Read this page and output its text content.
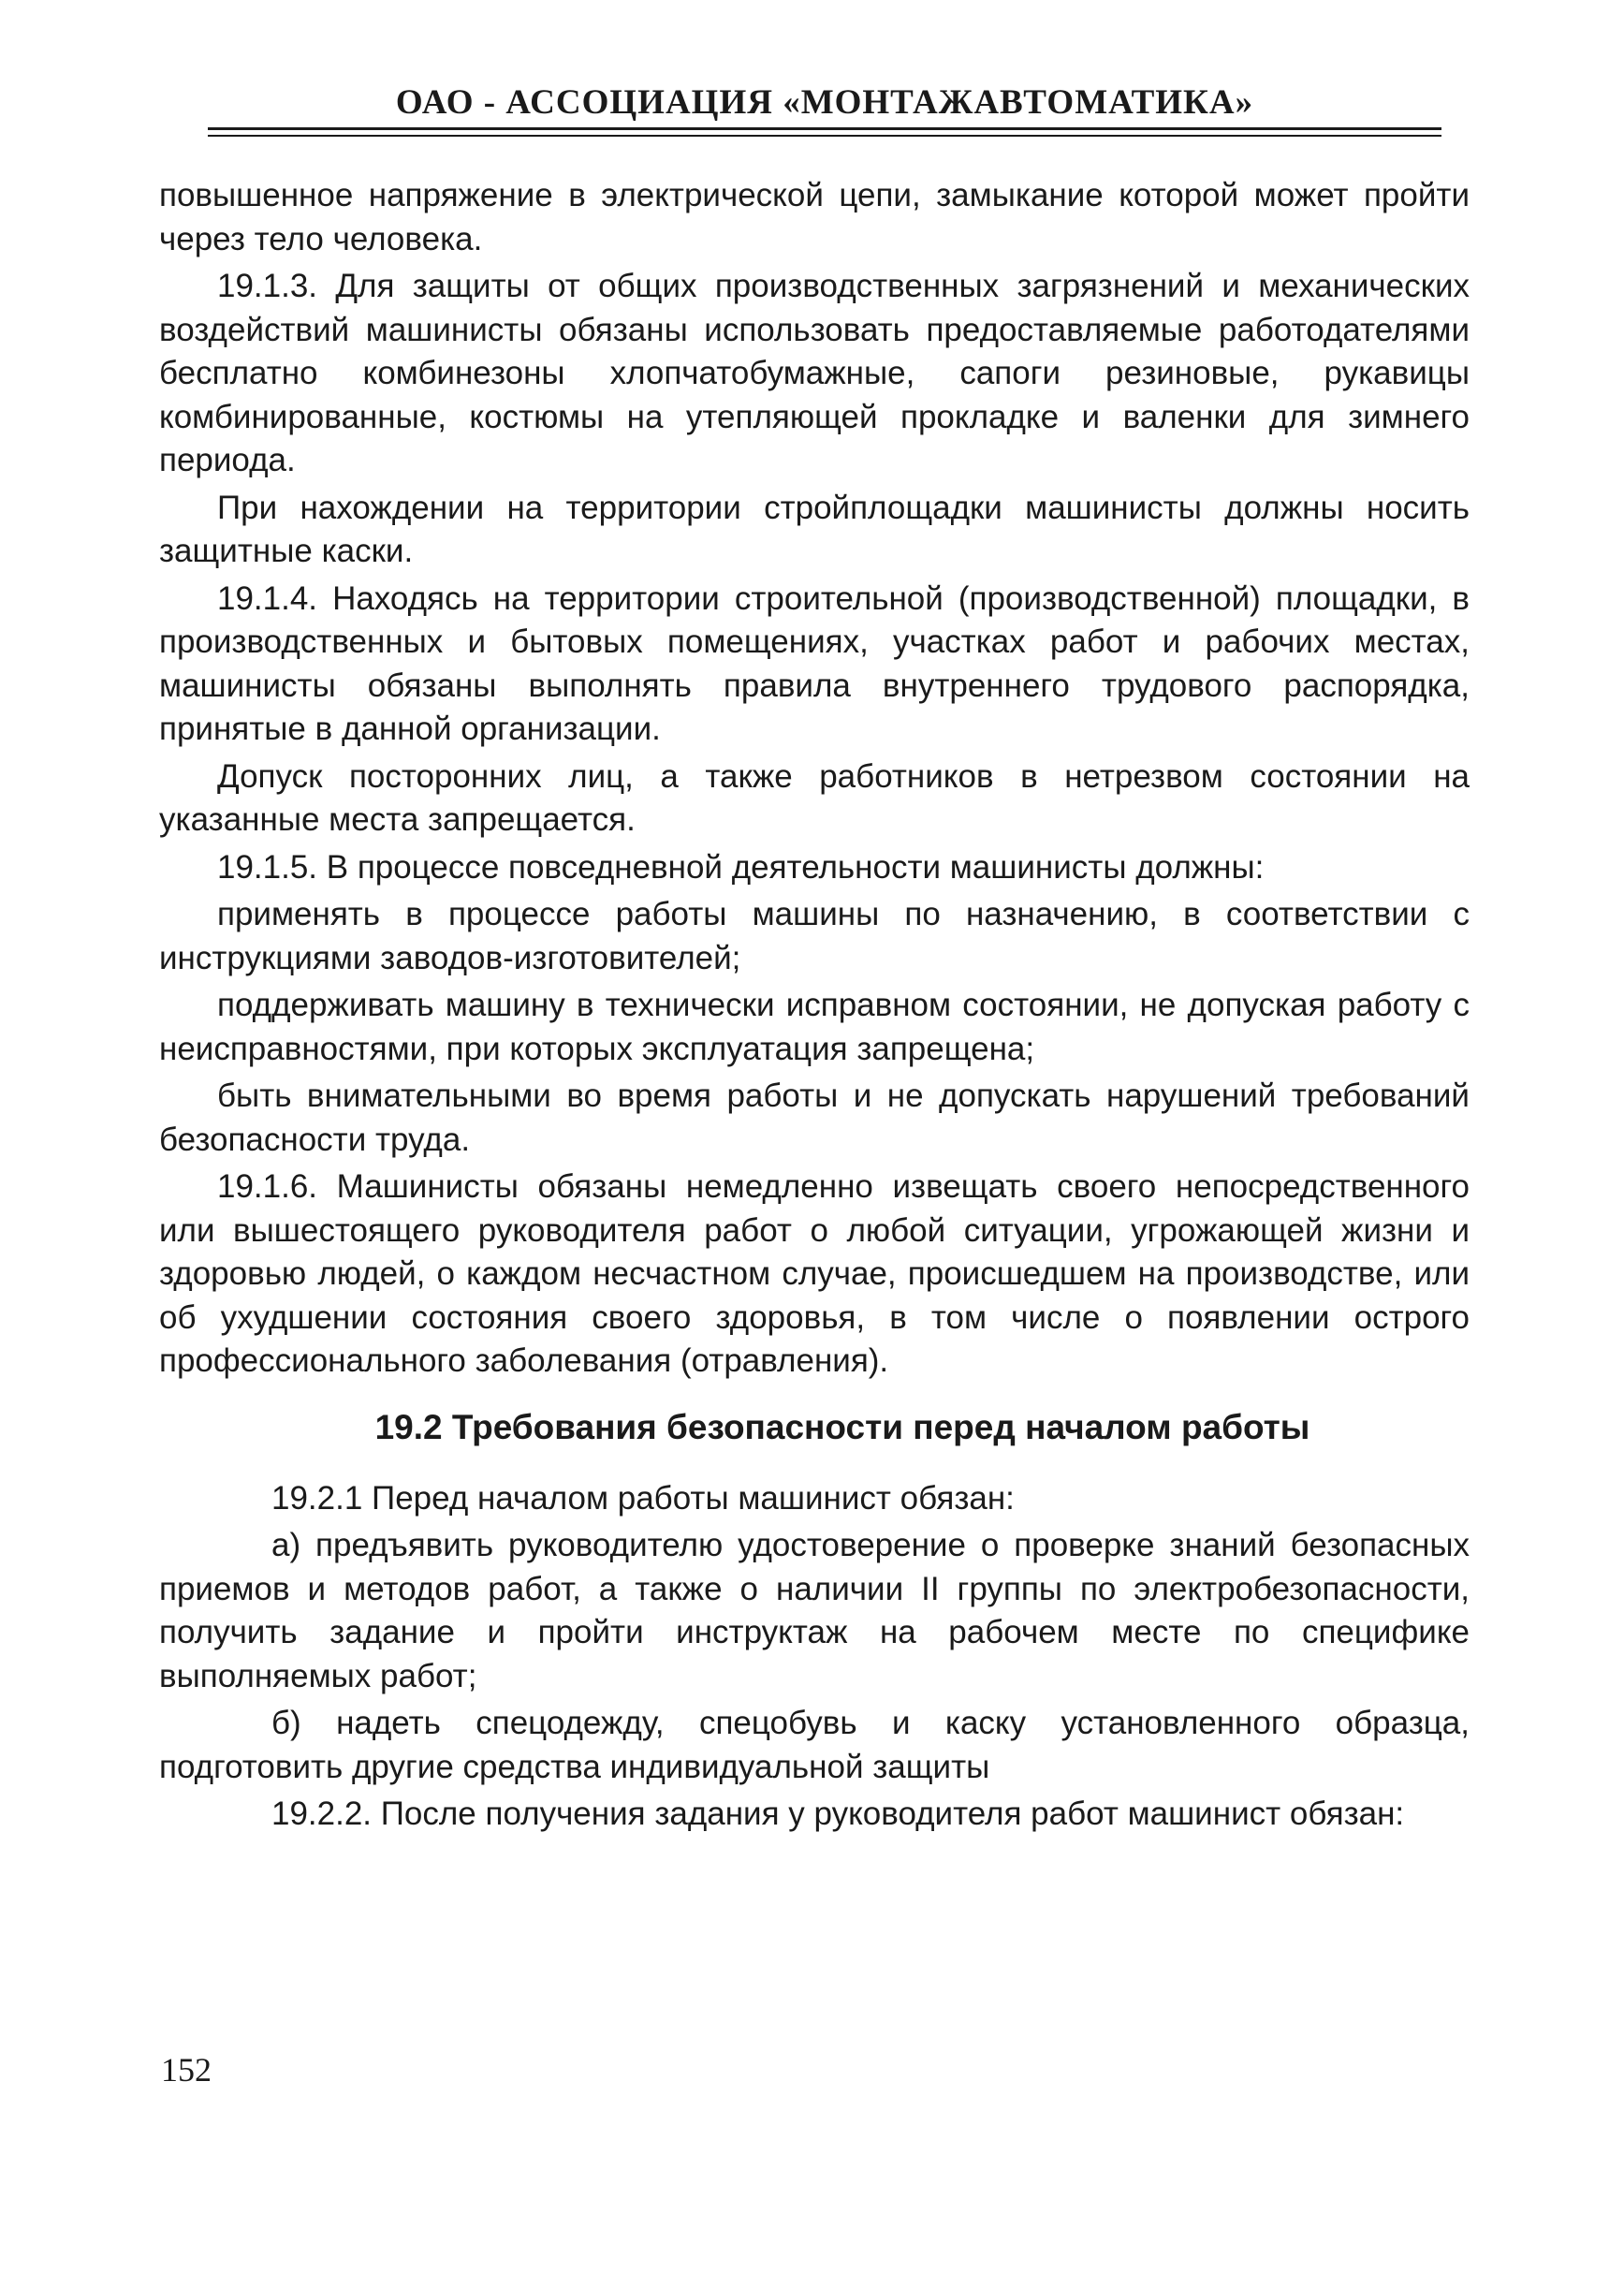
ОАО - АССОЦИАЦИЯ «МОНТАЖАВТОМАТИКА»

повышенное напряжение в электрической цепи, замыкание которой может пройти через тело человека.

19.1.3. Для защиты от общих производственных загрязнений и механических воздействий машинисты обязаны использовать предоставляемые работодателями бесплатно комбинезоны хлопчатобумажные, сапоги резиновые, рукавицы комбинированные, костюмы на утепляющей прокладке и валенки для зимнего периода.

При нахождении на территории стройплощадки машинисты должны носить защитные каски.

19.1.4. Находясь на территории строительной (производственной) площадки, в производственных и бытовых помещениях, участках работ и рабочих местах, машинисты обязаны выполнять правила внутреннего трудового распорядка, принятые в данной организации.

Допуск посторонних лиц, а также работников в нетрезвом состоянии на указанные места запрещается.

19.1.5. В процессе повседневной деятельности машинисты должны:

применять в процессе работы машины по назначению, в соответствии с инструкциями заводов-изготовителей;

поддерживать машину в технически исправном состоянии, не допуская работу с неисправностями, при которых эксплуатация запрещена;

быть внимательными во время работы и не допускать нарушений требований безопасности труда.

19.1.6. Машинисты обязаны немедленно извещать своего непосредственного или вышестоящего руководителя работ о любой ситуации, угрожающей жизни и здоровью людей, о каждом несчастном случае, происшедшем на производстве, или об ухудшении состояния своего здоровья, в том числе о появлении острого профессионального заболевания (отравления).

19.2 Требования безопасности перед началом работы

19.2.1 Перед началом работы машинист обязан:

а) предъявить руководителю удостоверение о проверке знаний безопасных приемов и методов работ, а также о наличии II группы по электробезопасности, получить задание и пройти инструктаж на рабочем месте по специфике выполняемых работ;

б) надеть спецодежду, спецобувь и каску установленного образца, подготовить другие средства индивидуальной защиты

19.2.2. После получения задания у руководителя работ машинист обязан:

152
